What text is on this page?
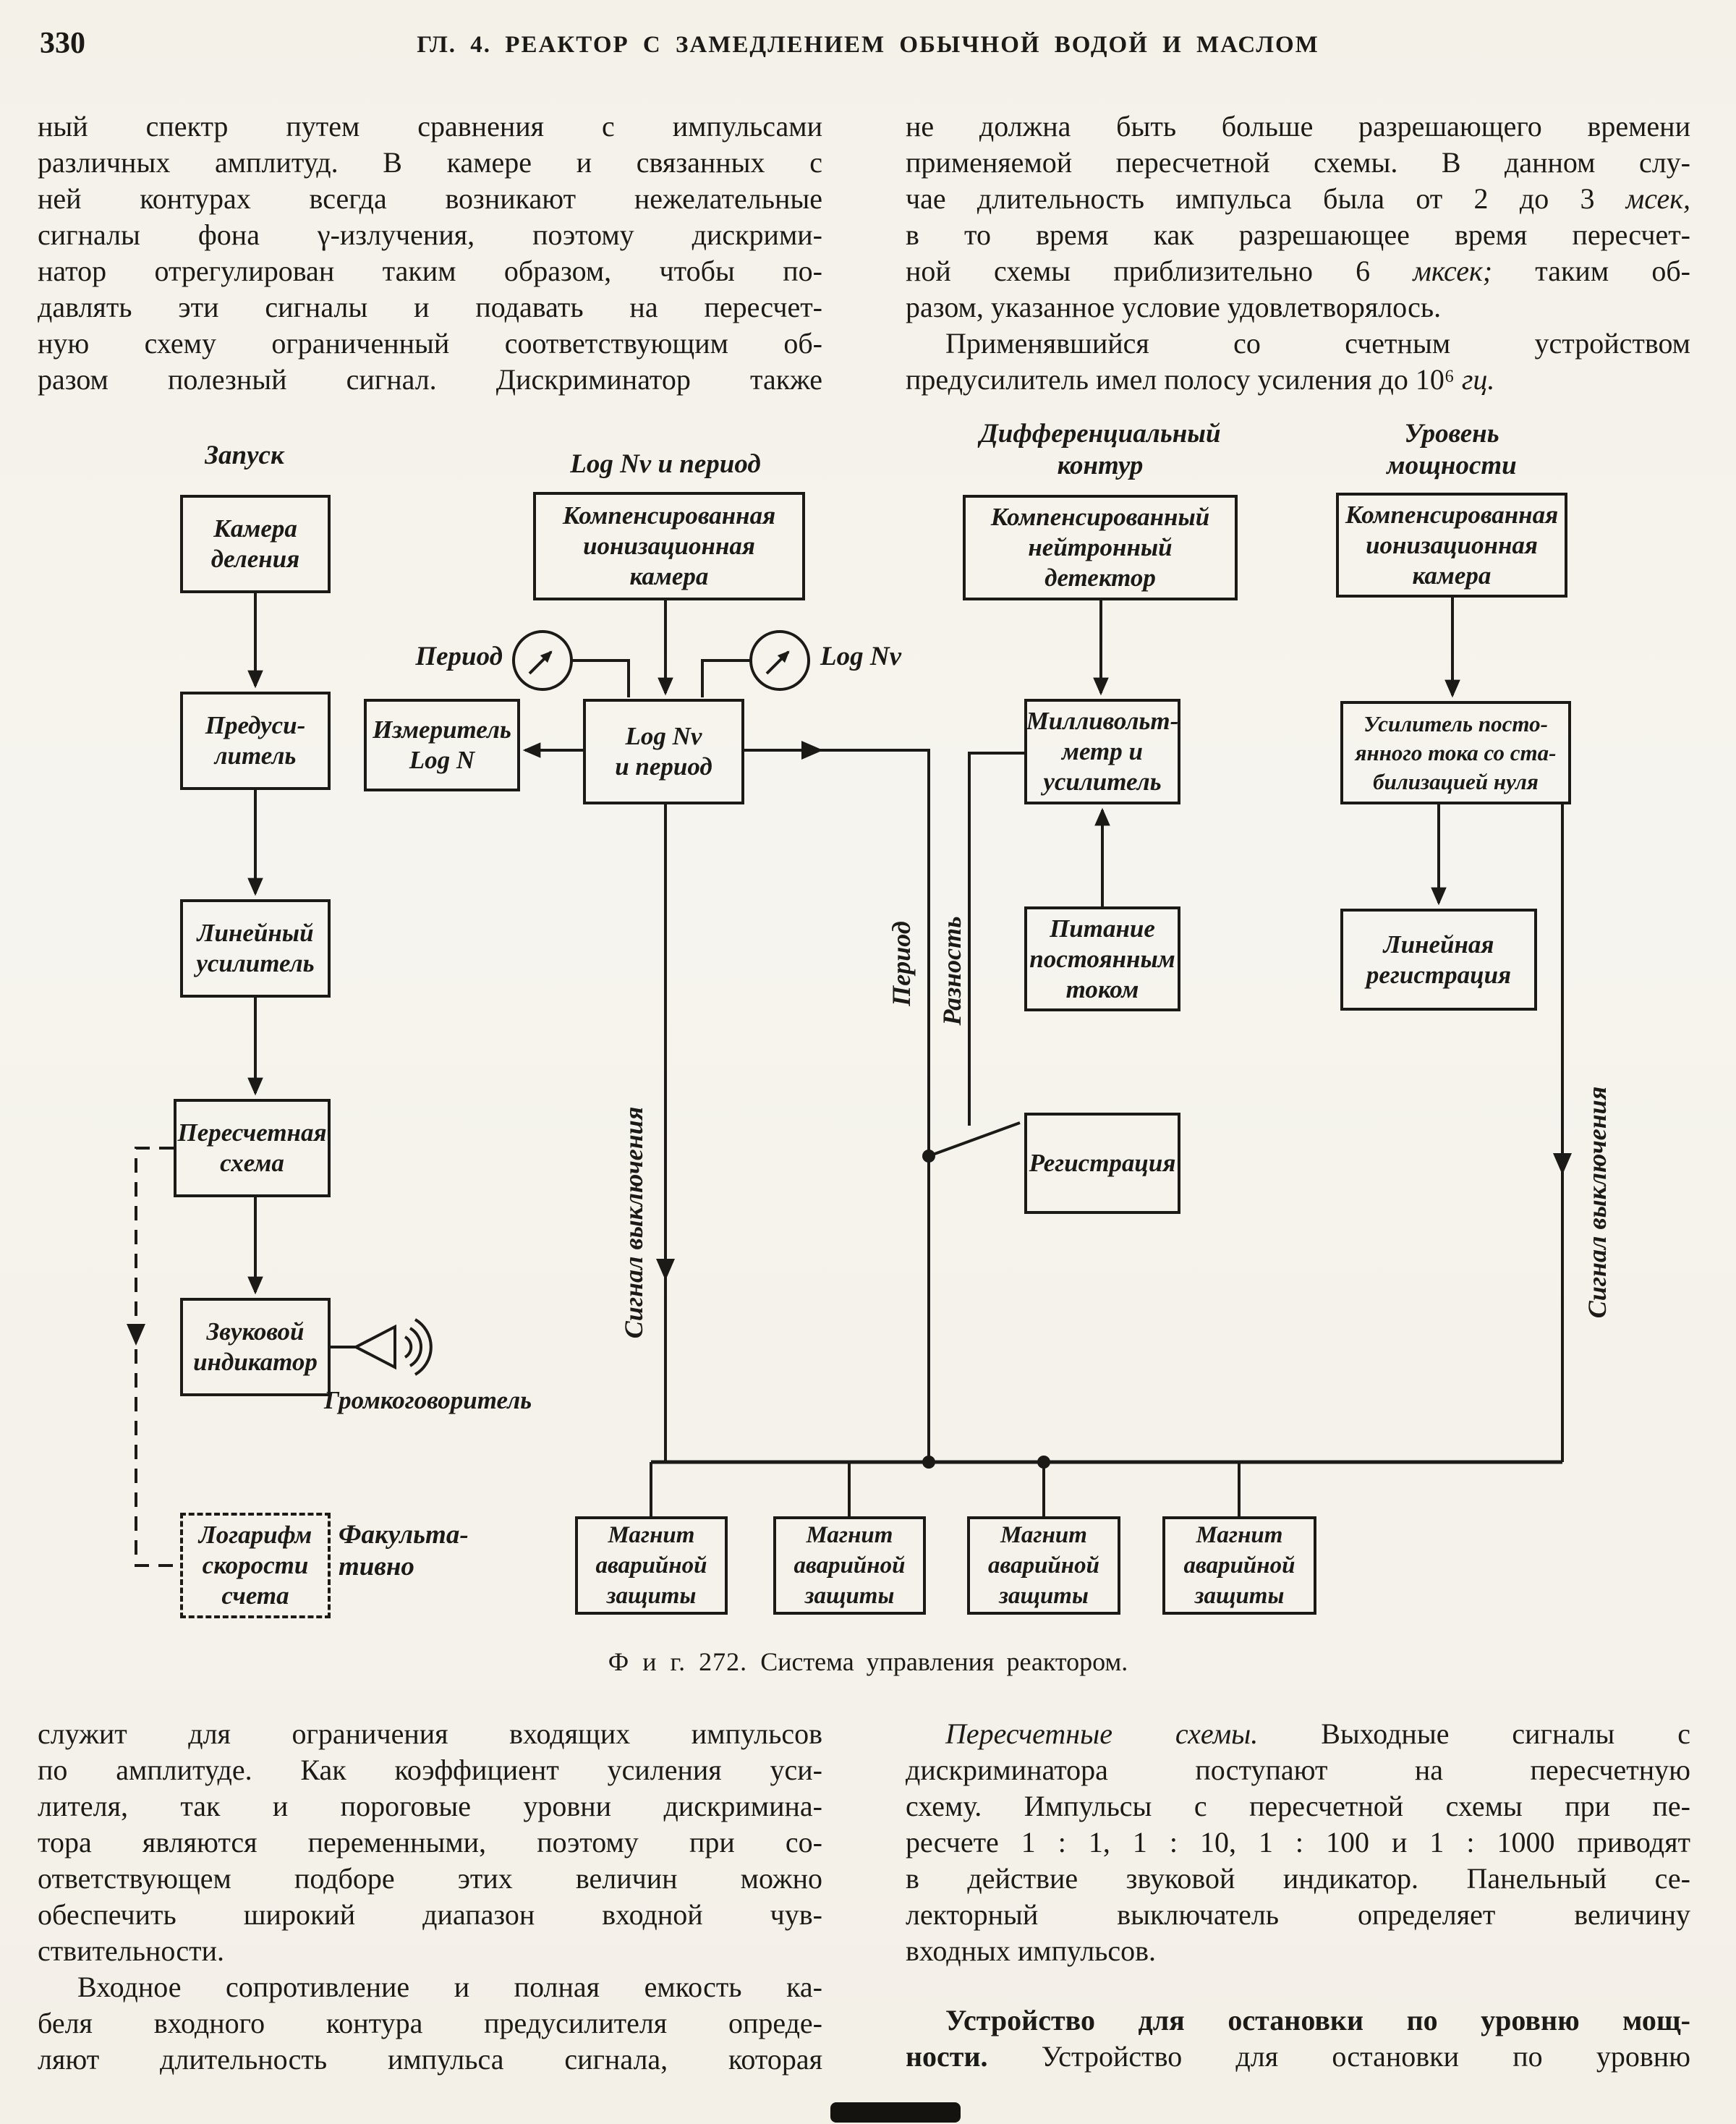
330	ГЛ. 4. РЕАКТОР С ЗАМЕДЛЕНИЕМ ОБЫЧНОЙ ВОДОЙ И МАСЛОМ
ный спектр путем сравнения с импульсами
различных амплитуд. В камере и связанных с
ней контурах всегда возникают нежелательные
сигналы фона γ-излучения, поэтому дискрими-
натор отрегулирован таким образом, чтобы по-
давлять эти сигналы и подавать на пересчет-
ную схему ограниченный соответствующим об-
разом полезный сигнал. Дискриминатор также
не должна быть больше разрешающего времени
применяемой пересчетной схемы. В данном слу-
чае длительность импульса была от 2 до 3 мсек,
в то время как разрешающее время пересчет-
ной схемы приблизительно 6 мксек; таким об-
разом, указанное условие удовлетворялось.
Применявшийся со счетным устройством
предусилитель имел полосу усиления до 10⁶ гц.
Запуск	Log Nv и период
Дифференциальный
контур
Уровень
мощности
Камера
деления
Предуси-
литель
Линейный
усилитель
Пересчетная
схема
Звуковой
индикатор
Логарифм
скорости
счета
Компенсированная
ионизационная
камера
Измеритель
Log N
Log Nv
и период
Компенсированный
нейтронный
детектор
Милливольт-
метр и
усилитель
Питание
постоянным
током
Регистрация
Компенсированная
ионизационная
камера
Усилитель посто-
янного тока со ста-
билизацией нуля
Линейная
регистрация
Магнит
аварийной
защиты
Магнит
аварийной
защиты
Магнит
аварийной
защиты
Магнит
аварийной
защиты
Период	Log Nv
Громкоговоритель
Факульта-
тивно
Сигнал выключения	Сигнал выключения
Период Разность
Ф и г. 272. Система управления реактором.
служит для ограничения входящих импульсов
по амплитуде. Как коэффициент усиления уси-
лителя, так и пороговые уровни дискримина-
тора являются переменными, поэтому при со-
ответствующем подборе этих величин можно
обеспечить широкий диапазон входной чув-
ствительности.
Входное сопротивление и полная емкость ка-
беля входного контура предусилителя опреде-
ляют длительность импульса сигнала, которая
Пересчетные схемы. Выходные сигналы с
дискриминатора поступают на пересчетную
схему. Импульсы с пересчетной схемы при пе-
ресчете 1 : 1, 1 : 10, 1 : 100 и 1 : 1000 приводят
в действие звуковой индикатор. Панельный се-
лекторный выключатель определяет величину
входных импульсов.
Устройство для остановки по уровню мощ-
ности. Устройство для остановки по уровню
